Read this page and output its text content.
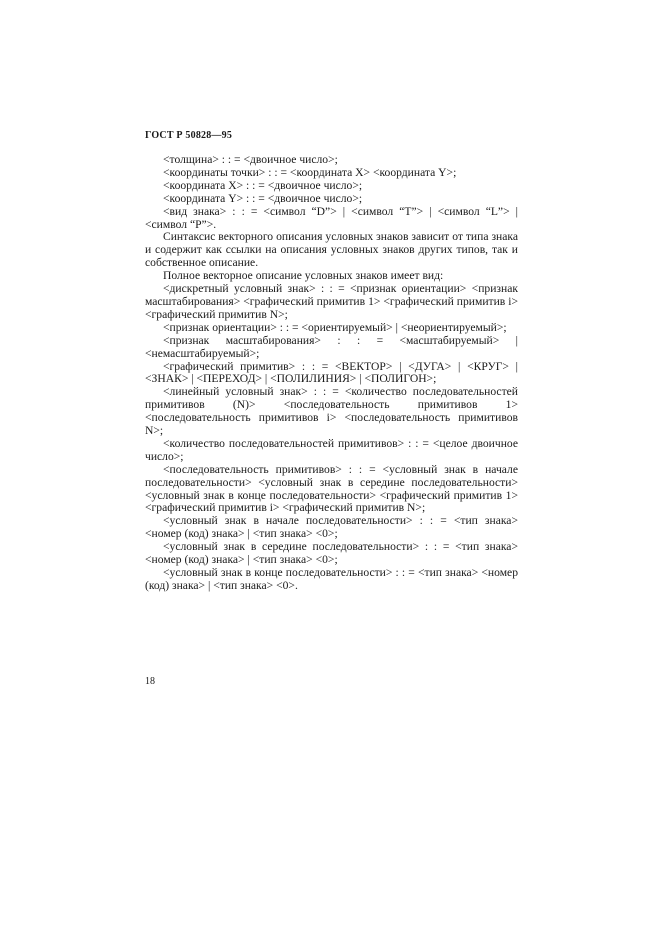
ГОСТ Р 50828—95

<толщина> : : = <двоичное число>;

<координаты точки> : : = <координата X> <координата Y>;

<координата X> : : = <двоичное число>;

<координата Y> : : = <двоичное число>;

<вид знака> : : = <символ “D”> | <символ “T”> | <символ “L”> | <символ “P”>.

Синтаксис векторного описания условных знаков зависит от типа знака и содержит как ссылки на описания условных знаков других типов, так и собственное описание.

Полное векторное описание условных знаков имеет вид:

<дискретный условный знак> : : = <признак ориентации> <признак масштабирования> <графический примитив 1> <графический примитив i> <графический примитив N>;

<признак ориентации> : : = <ориентируемый> | <неориентируемый>;

<признак масштабирования> : : = <масштабируемый> | <немасштабируемый>;

<графический примитив> : : = <ВЕКТОР> | <ДУГА> | <КРУГ> | <ЗНАК> | <ПЕРЕХОД> | <ПОЛИЛИНИЯ> | <ПОЛИГОН>;

<линейный условный знак> : : = <количество последовательностей примитивов (N)> <последовательность примитивов 1> <последовательность примитивов i> <последовательность примитивов N>;

<количество последовательностей примитивов> : : = <целое двоичное число>;

<последовательность примитивов> : : = <условный знак в начале последовательности> <условный знак в середине последовательности> <условный знак в конце последовательности> <графический примитив 1> <графический примитив i> <графический примитив N>;

<условный знак в начале последовательности> : : = <тип знака> <номер (код) знака> | <тип знака> <0>;

<условный знак в середине последовательности> : : = <тип знака> <номер (код) знака> | <тип знака> <0>;

<условный знак в конце последовательности> : : = <тип знака> <номер (код) знака> | <тип знака> <0>.

18
